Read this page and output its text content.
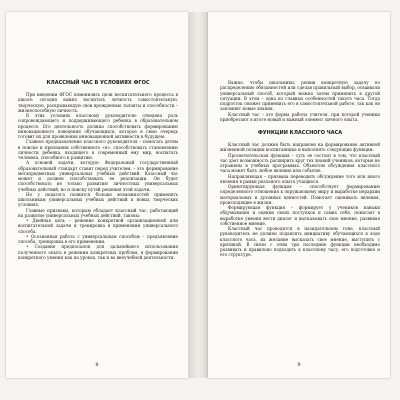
КЛАССНЫЙ ЧАС В УСЛОВИЯХ ФГОС

При введении ФГОС изменились цели воспитательного процесса в школе: сегодня важно воспитать личность самостоятельную, творческую, раскрывающую свои врожденные таланты и способности – жизнеспособную личность.

В этих условиях классному руководителю отведена роль сопровождающего и поддерживающего ребенка в образовательном процессе. Его деятельность должна способствовать формированию инновационного поведения обучающихся, которое в свою очередь готовит их для проявления инновационной активности в будущем.

Главное предназначение классного руководителя – помогать детям в поиске и признании собственного «я», способствовать становлению личности ребенка, входящего в современный ему мир, воспитать человека, способного к развитию.

А основой задачи, которую Федеральный государственный образовательный стандарт ставит перед учителем, – это формирование метапредметных универсальных учебных действий. Классный час может и должен способствовать ее реализации. Он будет способствовать не только развитию личностных универсальных учебных действий, но и поиску путей решения этой задачи.

Но у педагога появится больше возможностей применять школьникам универсальных учебных действий в новых творческих условиях.

Главные признаки, которым обладает классный час, работающий на развитие универсальных учебных действий, таковы:

• Двойная цель – решение конкретной организационной или воспитательной задачи и тренировка в применении универсального способа.

• Осознанная работа с универсальным способом – предъявление способа, тренировка в его применении.

• Создание предпосылок для дальнейшего использования полученного опыта в решении конкретных проблем, в формировании конкретного умения как на уроках, так и во внеучебной деятельности.

8

Важно, чтобы школьники, решив конкретную задачу по распределению обязанностей или сделав правильный выбор, осваивали универсальный способ, который можно затем применить в другой ситуации. В этом – одна из главных особенностей такого часа. Тогда подросток сможет применить его в самостоятельной работе, так как он запомнит новые знания.

Классный час – это форма работы учителя, при которой ученики приобретают в итоге новый и важный элемент личного опыта.

ФУНКЦИИ КЛАССНОГО ЧАСА

Классный час должен быть направлен на формирование активной жизненной позиции воспитанника и выполнять следующие функции:

Просветительская функция – суть ее состоит в том, что классный час дает возможность расширить круг тех знаний учеников, которые не отражены в учебных программах. Объектом обсуждения классного часа может быть любое явление или событие.

Направляющая – призвана переводить обсуждение того или иного явления в рамки реального опыта учащихся.

Ориентирующая функция – способствует формированию определенного отношения к окружающему миру и выработке иерархии материальных и духовных ценностей. Помогает оценивать явления, происходящие в жизни.

Формирующая функция – формирует у учеников навыки обдумывания и оценки своих поступков и самих себя, помогает в выработке умения вести диалог и высказывать свое мнение, развивая собственное мнение.

Классный час проводится в назидательном тоне, классный руководитель не должен подавлять инициативу обучающихся в ходе классного часа, их желание высказать свое мнение, выступить с критикой. В связи с этим три последние функции необходимо развивать и правильно подходить к классному часу, его подготовке и его структуре.

9
